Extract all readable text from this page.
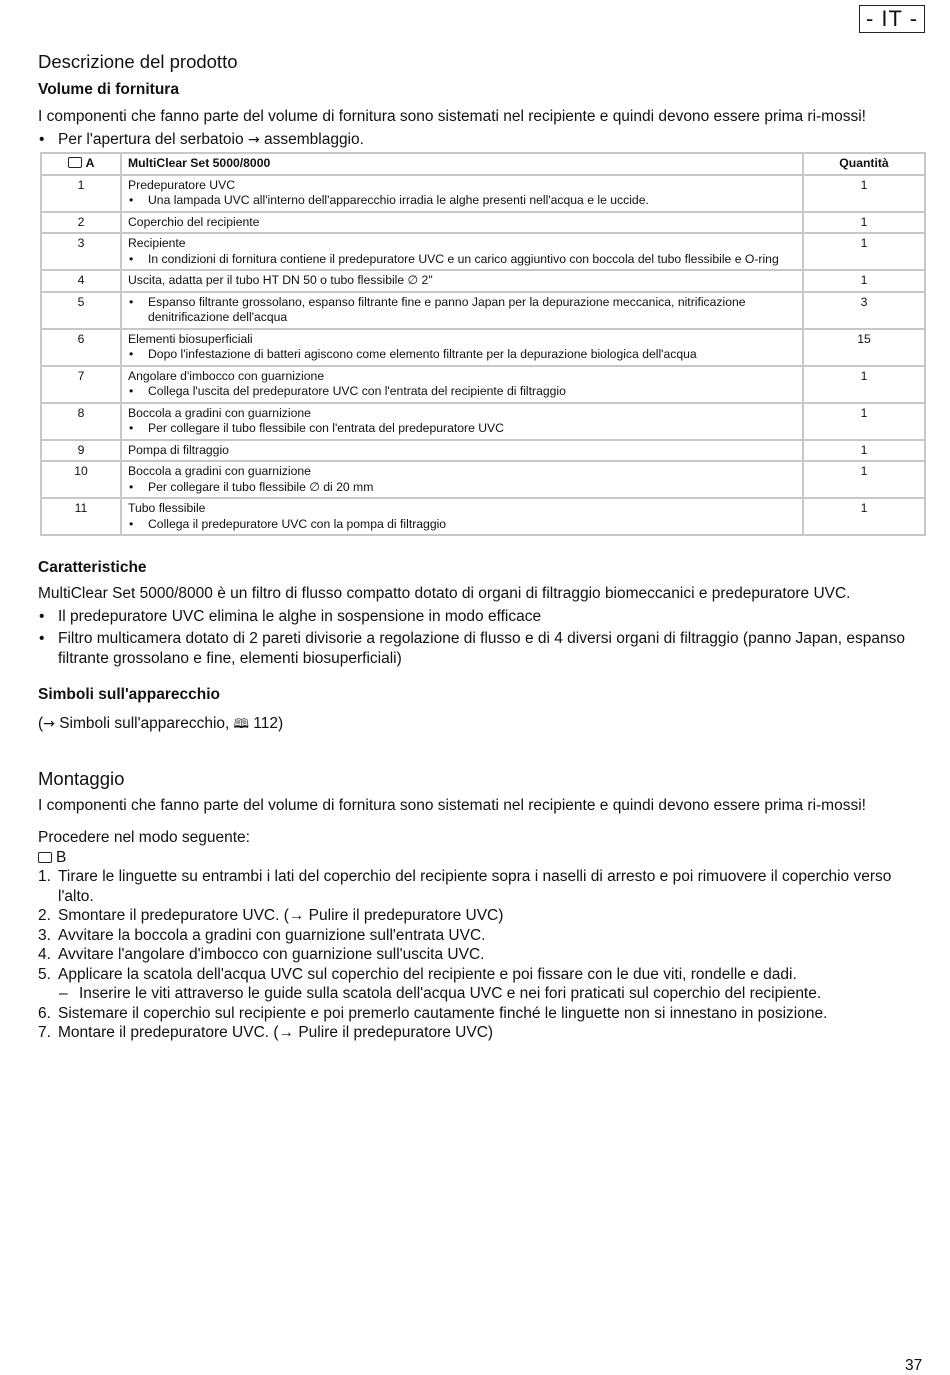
- IT -
Descrizione del prodotto
Volume di fornitura

I componenti che fanno parte del volume di fornitura sono sistemati nel recipiente e quindi devono essere prima ri-mossi!

• Per l'apertura del serbatoio → assemblaggio.
A	MultiClear Set 5000/8000	Quantità
1	Predepuratore UVC
• Una lampada UVC all'interno dell'apparecchio irradia le alghe presenti nell'acqua e le uccide.	1
2	Coperchio del recipiente	1
3	Recipiente
• In condizioni di fornitura contiene il predepuratore UVC e un carico aggiuntivo con boccola del tubo flessibile e O-ring	1
4	Uscita, adatta per il tubo HT DN 50 o tubo flessibile ∅ 2"	1
5	• Espanso filtrante grossolano, espanso filtrante fine e panno Japan per la depurazione meccanica, nitrificazione denitrificazione dell'acqua	3
6	Elementi biosuperficiali
• Dopo l'infestazione di batteri agiscono come elemento filtrante per la depurazione biologica dell'acqua	15
7	Angolare d'imbocco con guarnizione
• Collega l'uscita del predepuratore UVC con l'entrata del recipiente di filtraggio	1
8	Boccola a gradini con guarnizione
• Per collegare il tubo flessibile con l'entrata del predepuratore UVC	1
9	Pompa di filtraggio	1
10	Boccola a gradini con guarnizione
• Per collegare il tubo flessibile ∅ di 20 mm	1
11	Tubo flessibile
• Collega il predepuratore UVC con la pompa di filtraggio	1
Caratteristiche

MultiClear Set 5000/8000 è un filtro di flusso compatto dotato di organi di filtraggio biomeccanici e predepuratore UVC.

• Il predepuratore UVC elimina le alghe in sospensione in modo efficace
• Filtro multicamera dotato di 2 pareti divisorie a regolazione di flusso e di 4 diversi organi di filtraggio (panno Japan, espanso filtrante grossolano e fine, elementi biosuperficiali)
Simboli sull'apparecchio

(→ Simboli sull'apparecchio, 🕮 112)

Montaggio

I componenti che fanno parte del volume di fornitura sono sistemati nel recipiente e quindi devono essere prima ri-mossi!

Procedere nel modo seguente:

B

1. Tirare le linguette su entrambi i lati del coperchio del recipiente sopra i naselli di arresto e poi rimuovere il coperchio verso l'alto.
2. Smontare il predepuratore UVC. (→ Pulire il predepuratore UVC)
3. Avvitare la boccola a gradini con guarnizione sull'entrata UVC.
4. Avvitare l'angolare d'imbocco con guarnizione sull'uscita UVC.
5. Applicare la scatola dell'acqua UVC sul coperchio del recipiente e poi fissare con le due viti, rondelle e dadi.
– Inserire le viti attraverso le guide sulla scatola dell'acqua UVC e nei fori praticati sul coperchio del recipiente.
6. Sistemare il coperchio sul recipiente e poi premerlo cautamente finché le linguette non si innestano in posizione.
7. Montare il predepuratore UVC. (→ Pulire il predepuratore UVC)
37
